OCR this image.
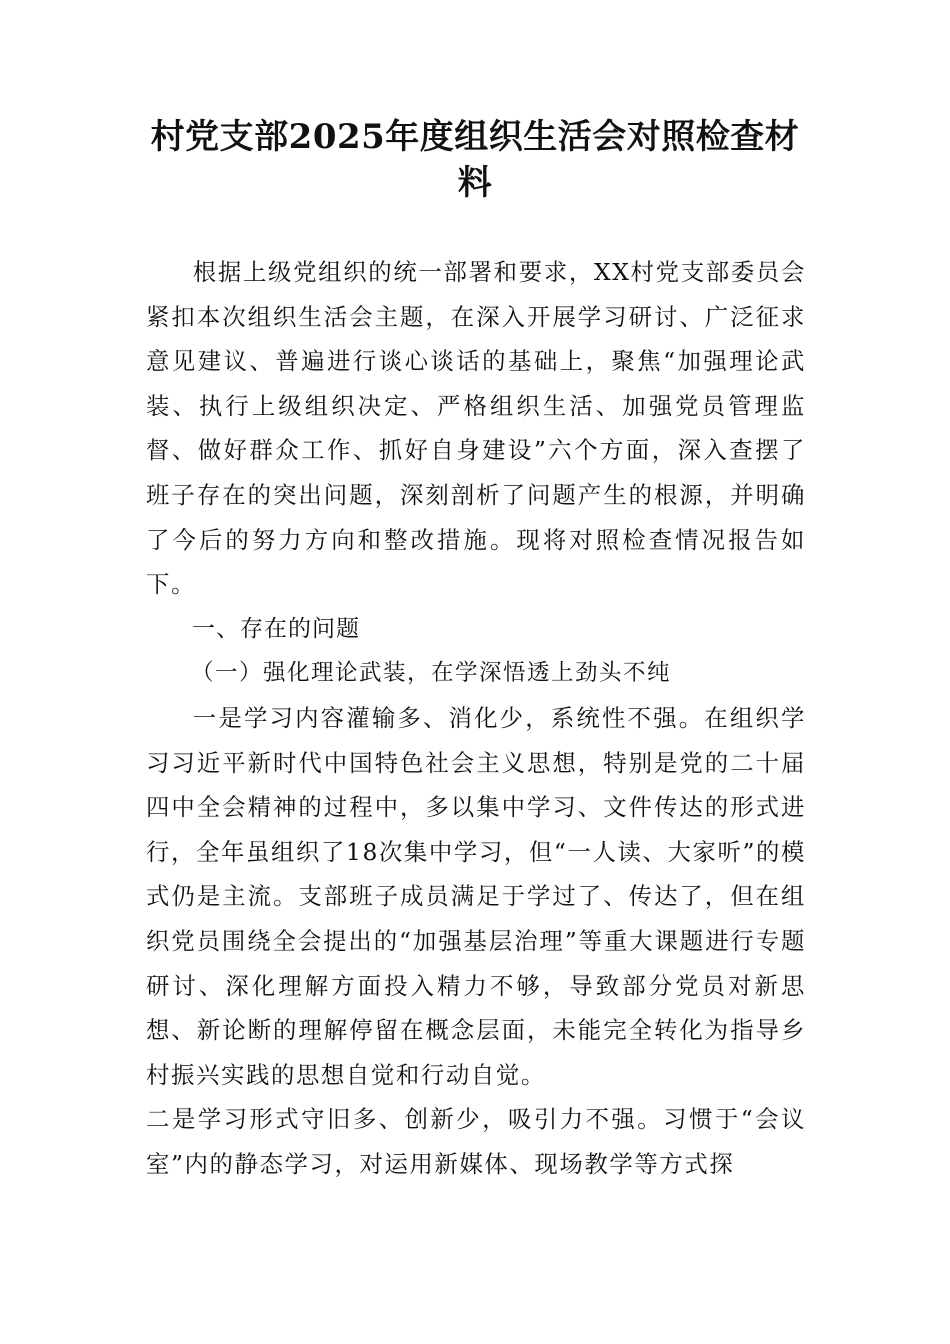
村党支部2025年度组织生活会对照检查材料

根据上级党组织的统一部署和要求，XX村党支部委员会紧扣本次组织生活会主题，在深入开展学习研讨、广泛征求意见建议、普遍进行谈心谈话的基础上，聚焦“加强理论武装、执行上级组织决定、严格组织生活、加强党员管理监督、做好群众工作、抓好自身建设”六个方面，深入查摆了班子存在的突出问题，深刻剖析了问题产生的根源，并明确了今后的努力方向和整改措施。现将对照检查情况报告如下。

一、存在的问题

（一）强化理论武装，在学深悟透上劲头不纯

一是学习内容灌输多、消化少，系统性不强。在组织学习习近平新时代中国特色社会主义思想，特别是党的二十届四中全会精神的过程中，多以集中学习、文件传达的形式进行，全年虽组织了18次集中学习，但“一人读、大家听”的模式仍是主流。支部班子成员满足于学过了、传达了，但在组织党员围绕全会提出的“加强基层治理”等重大课题进行专题研讨、深化理解方面投入精力不够，导致部分党员对新思想、新论断的理解停留在概念层面，未能完全转化为指导乡村振兴实践的思想自觉和行动自觉。

二是学习形式守旧多、创新少，吸引力不强。习惯于“会议室”内的静态学习，对运用新媒体、现场教学等方式探
